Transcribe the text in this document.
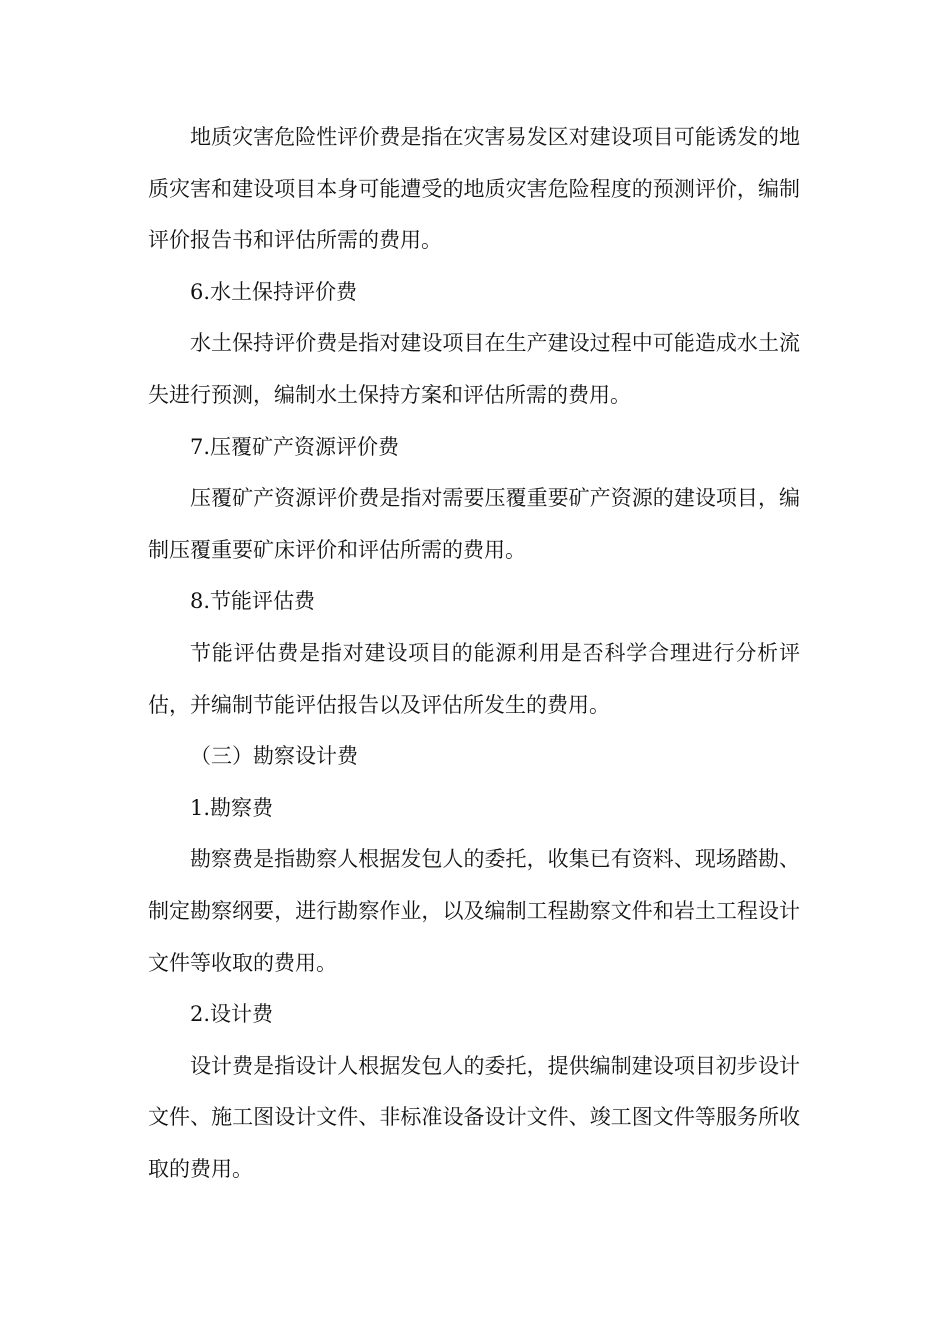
地质灾害危险性评价费是指在灾害易发区对建设项目可能诱发的地质灾害和建设项目本身可能遭受的地质灾害危险程度的预测评价，编制评价报告书和评估所需的费用。

6.水土保持评价费

水土保持评价费是指对建设项目在生产建设过程中可能造成水土流失进行预测，编制水土保持方案和评估所需的费用。

7.压覆矿产资源评价费

压覆矿产资源评价费是指对需要压覆重要矿产资源的建设项目，编制压覆重要矿床评价和评估所需的费用。

8.节能评估费

节能评估费是指对建设项目的能源利用是否科学合理进行分析评估，并编制节能评估报告以及评估所发生的费用。

（三）勘察设计费

1.勘察费

勘察费是指勘察人根据发包人的委托，收集已有资料、现场踏勘、制定勘察纲要，进行勘察作业，以及编制工程勘察文件和岩土工程设计文件等收取的费用。

2.设计费

设计费是指设计人根据发包人的委托，提供编制建设项目初步设计文件、施工图设计文件、非标准设备设计文件、竣工图文件等服务所收取的费用。
